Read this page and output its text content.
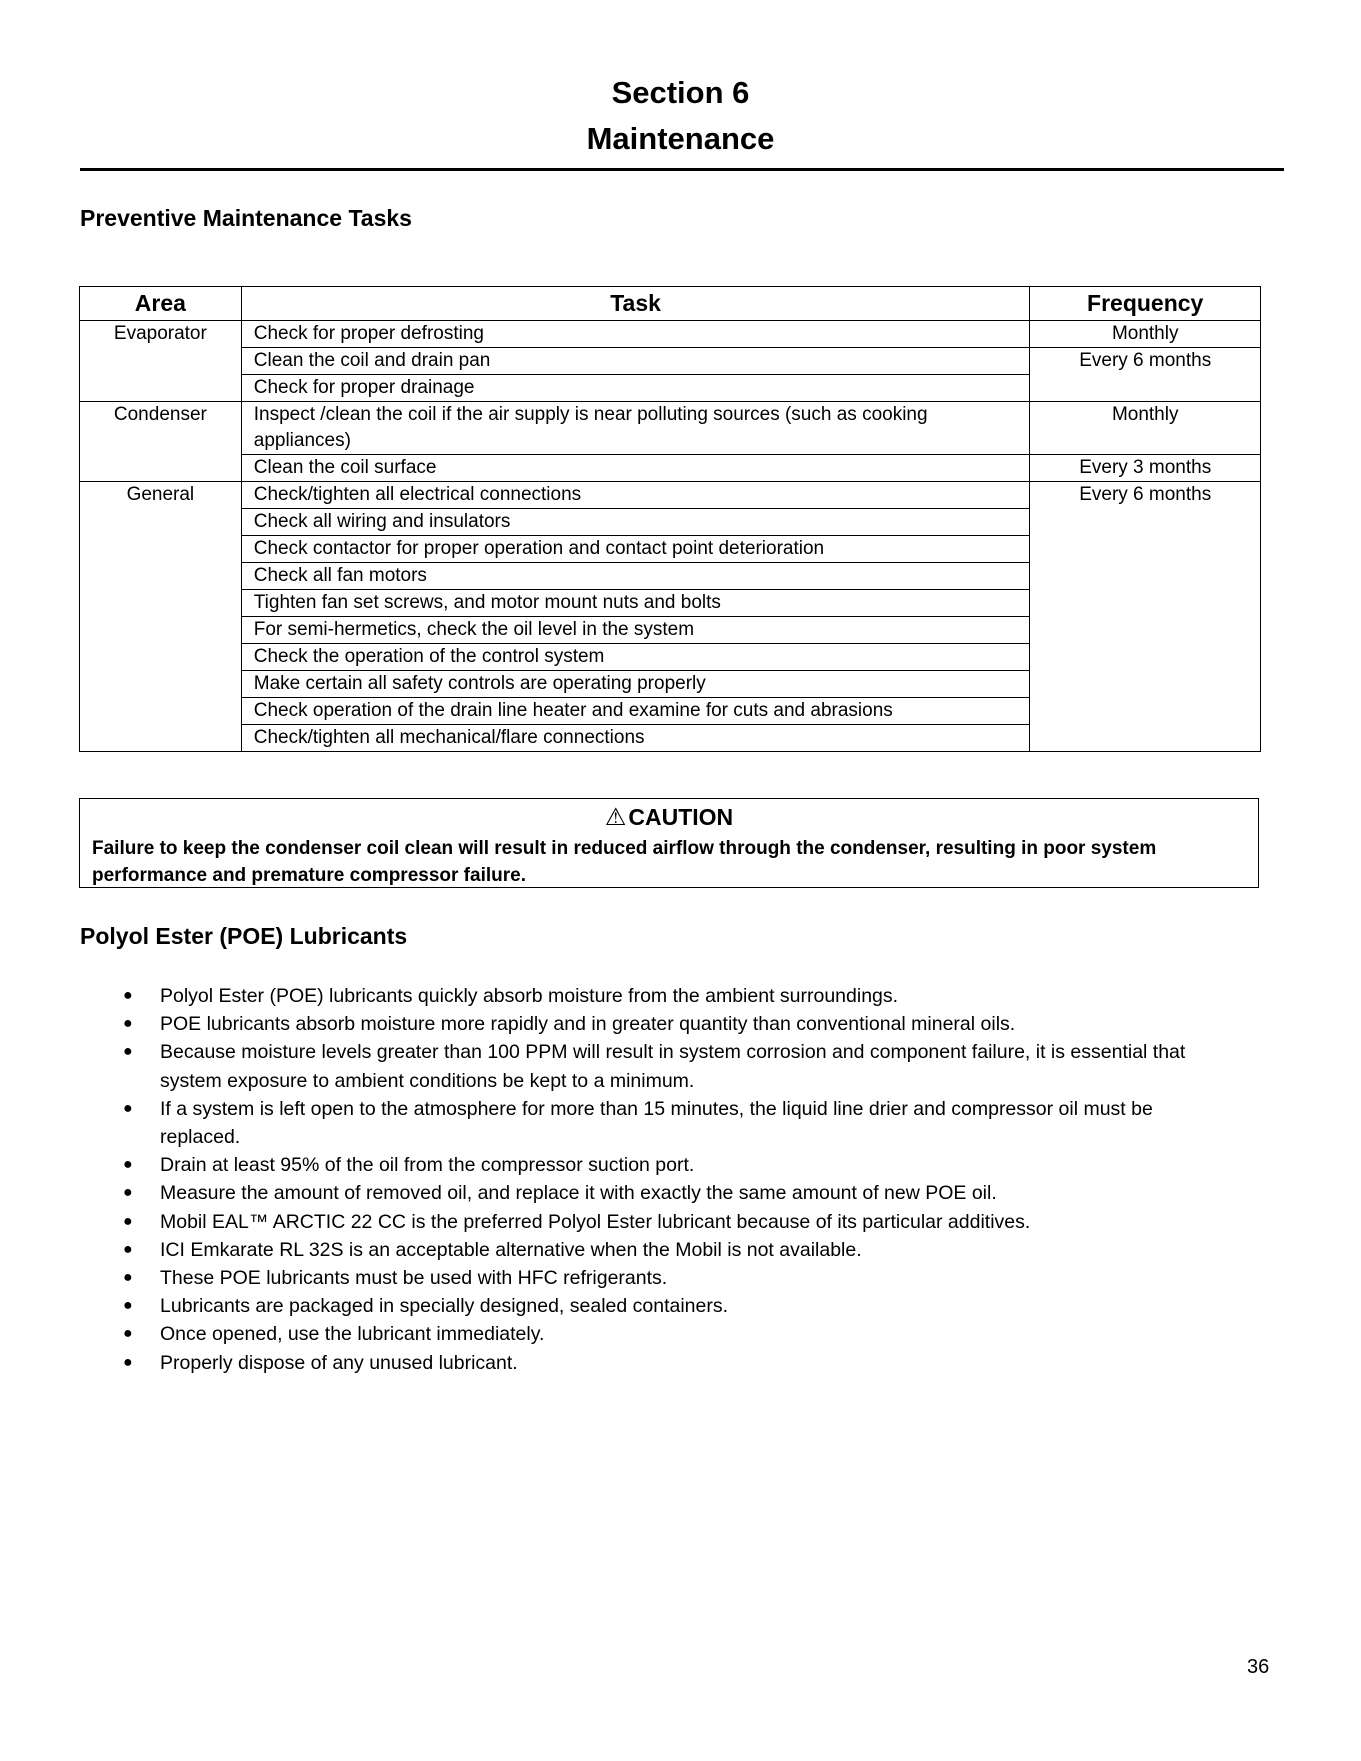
Section 6
Maintenance
Preventive Maintenance Tasks
Area	Task	Frequency
Evaporator	Check for proper defrosting	Monthly
	Clean the coil and drain pan	Every 6 months
	Check for proper drainage	
Condenser	Inspect /clean the coil if the air supply is near polluting sources (such as cooking appliances)	Monthly
	Clean the coil surface	Every 3 months
General	Check/tighten all electrical connections	Every 6 months
	Check all wiring and insulators	
	Check contactor for proper operation and contact point deterioration	
	Check all fan motors	
	Tighten fan set screws, and motor mount nuts and bolts	
	For semi-hermetics, check the oil level in the system	
	Check the operation of the control system	
	Make certain all safety controls are operating properly	
	Check operation of the drain line heater and examine for cuts and abrasions	
	Check/tighten all mechanical/flare connections	
⚠CAUTION
Failure to keep the condenser coil clean will result in reduced airflow through the condenser, resulting in poor system performance and premature compressor failure.
Polyol Ester (POE) Lubricants
● Polyol Ester (POE) lubricants quickly absorb moisture from the ambient surroundings.
● POE lubricants absorb moisture more rapidly and in greater quantity than conventional mineral oils.
● Because moisture levels greater than 100 PPM will result in system corrosion and component failure, it is essential that system exposure to ambient conditions be kept to a minimum.
● If a system is left open to the atmosphere for more than 15 minutes, the liquid line drier and compressor oil must be replaced.
● Drain at least 95% of the oil from the compressor suction port.
● Measure the amount of removed oil, and replace it with exactly the same amount of new POE oil.
● Mobil EAL™ ARCTIC 22 CC is the preferred Polyol Ester lubricant because of its particular additives.
● ICI Emkarate RL 32S is an acceptable alternative when the Mobil is not available.
● These POE lubricants must be used with HFC refrigerants.
● Lubricants are packaged in specially designed, sealed containers.
● Once opened, use the lubricant immediately.
● Properly dispose of any unused lubricant.
36
